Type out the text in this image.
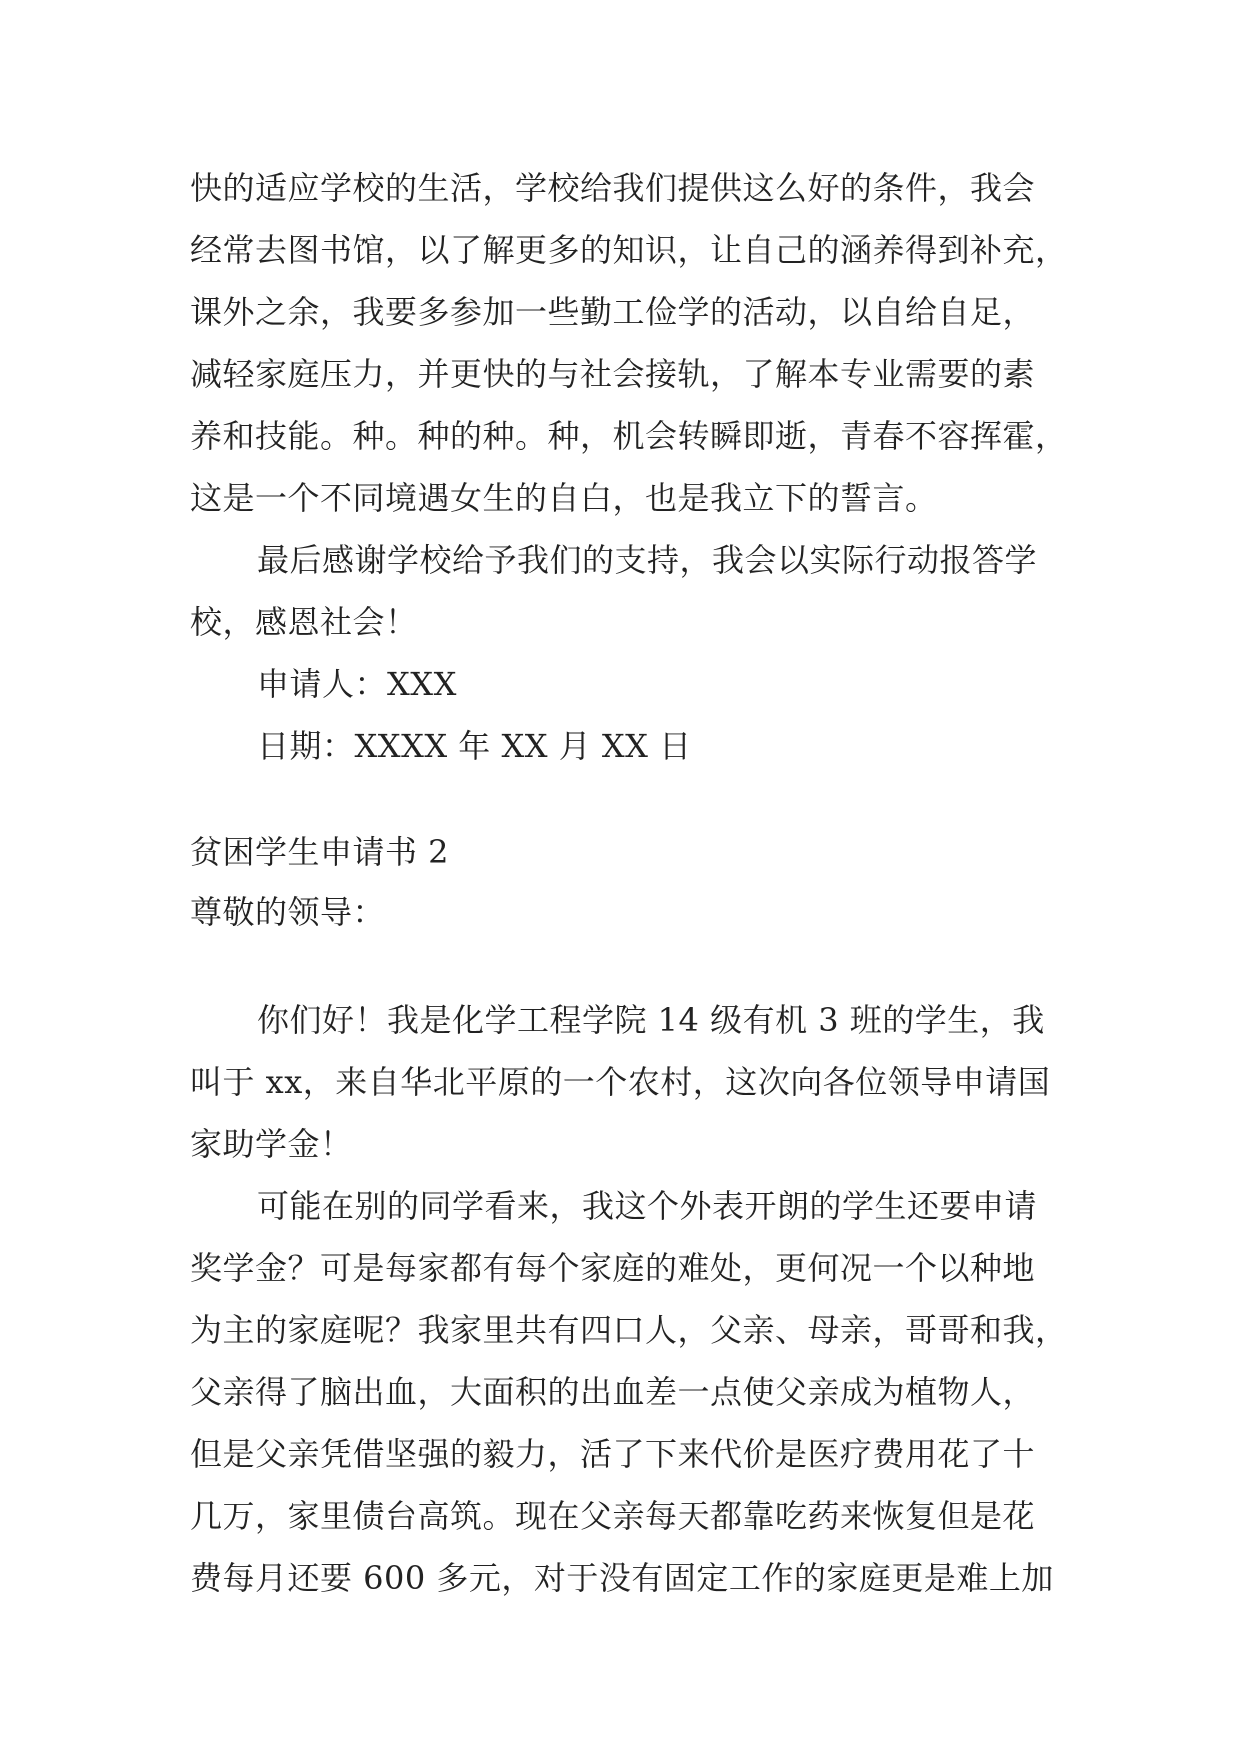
快的适应学校的生活，学校给我们提供这么好的条件，我会
经常去图书馆，以了解更多的知识，让自己的涵养得到补充，
课外之余，我要多参加一些勤工俭学的活动，以自给自足，
减轻家庭压力，并更快的与社会接轨，了解本专业需要的素
养和技能。种。种的种。种，机会转瞬即逝，青春不容挥霍，
这是一个不同境遇女生的自白，也是我立下的誓言。
最后感谢学校给予我们的支持，我会以实际行动报答学
校，感恩社会！
申请人：XXX
日期：XXXX 年 XX 月 XX 日
贫困学生申请书 2
尊敬的领导：
你们好！我是化学工程学院 14 级有机 3 班的学生，我
叫于 xx，来自华北平原的一个农村，这次向各位领导申请国
家助学金！
可能在别的同学看来，我这个外表开朗的学生还要申请
奖学金？可是每家都有每个家庭的难处，更何况一个以种地
为主的家庭呢？我家里共有四口人，父亲、母亲，哥哥和我，
父亲得了脑出血，大面积的出血差一点使父亲成为植物人，
但是父亲凭借坚强的毅力，活了下来代价是医疗费用花了十
几万，家里债台高筑。现在父亲每天都靠吃药来恢复但是花
费每月还要 600 多元，对于没有固定工作的家庭更是难上加
